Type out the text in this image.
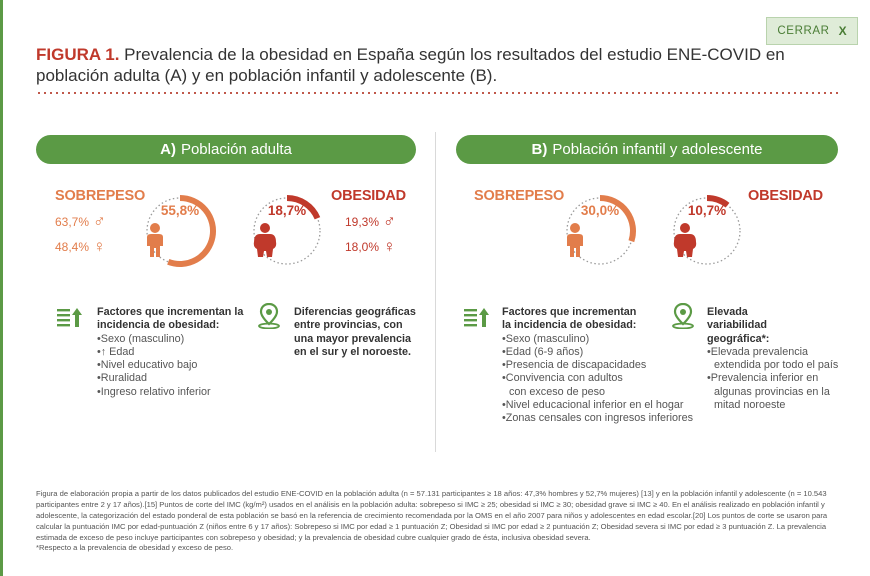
CERRAR X
FIGURA 1. Prevalencia de la obesidad en España según los resultados del estudio ENE-COVID en población adulta (A) y en población infantil y adolescente (B).
A) Población adulta
SOBREPESO
63,7% ♂
48,4% ♀
55,8%	18,7%
OBESIDAD
19,3% ♂
18,0% ♀
Factores que incrementan la incidencia de obesidad:
• Sexo (masculino)
• ↑ Edad
• Nivel educativo bajo
• Ruralidad
• Ingreso relativo inferior
Diferencias geográficas entre provincias, con una mayor prevalencia en el sur y el noroeste.
B) Población infantil y adolescente
SOBREPESO
30,0%	10,7%
OBESIDAD
Factores que incrementan la incidencia de obesidad:
• Sexo (masculino)
• Edad (6-9 años)
• Presencia de discapacidades
• Convivencia con adultos
con exceso de peso
• Nivel educacional inferior en el hogar
• Zonas censales con ingresos inferiores
Elevada variabilidad geográfica*:
• Elevada prevalencia
extendida por todo el país
• Prevalencia inferior en
algunas provincias en la
mitad noroeste
Figura de elaboración propia a partir de los datos publicados del estudio ENE-COVID en la población adulta (n = 57.131 participantes ≥ 18 años: 47,3% hombres y 52,7% mujeres) [13] y en la población infantil y adolescente (n = 10.543 participantes entre 2 y 17 años).[15] Puntos de corte del IMC (kg/m²) usados en el análisis en la población adulta: sobrepeso si IMC ≥ 25; obesidad si IMC ≥ 30; obesidad grave si IMC ≥ 40. En el análisis realizado en población infantil y adolescente, la categorización del estado ponderal de esta población se basó en la referencia de crecimiento recomendada por la OMS en el año 2007 para niños y adolescentes en edad escolar.[20] Los puntos de corte se usaron para calcular la puntuación IMC por edad-puntuación Z (niños entre 6 y 17 años): Sobrepeso si IMC por edad ≥ 1 puntuación Z; Obesidad si IMC por edad ≥ 2 puntuación Z; Obesidad severa si IMC por edad ≥ 3 puntuación Z. La prevalencia estimada de exceso de peso incluye participantes con sobrepeso y obesidad; y la prevalencia de obesidad cubre cualquier grado de ésta, inclusiva obesidad severa.
*Respecto a la prevalencia de obesidad y exceso de peso.
